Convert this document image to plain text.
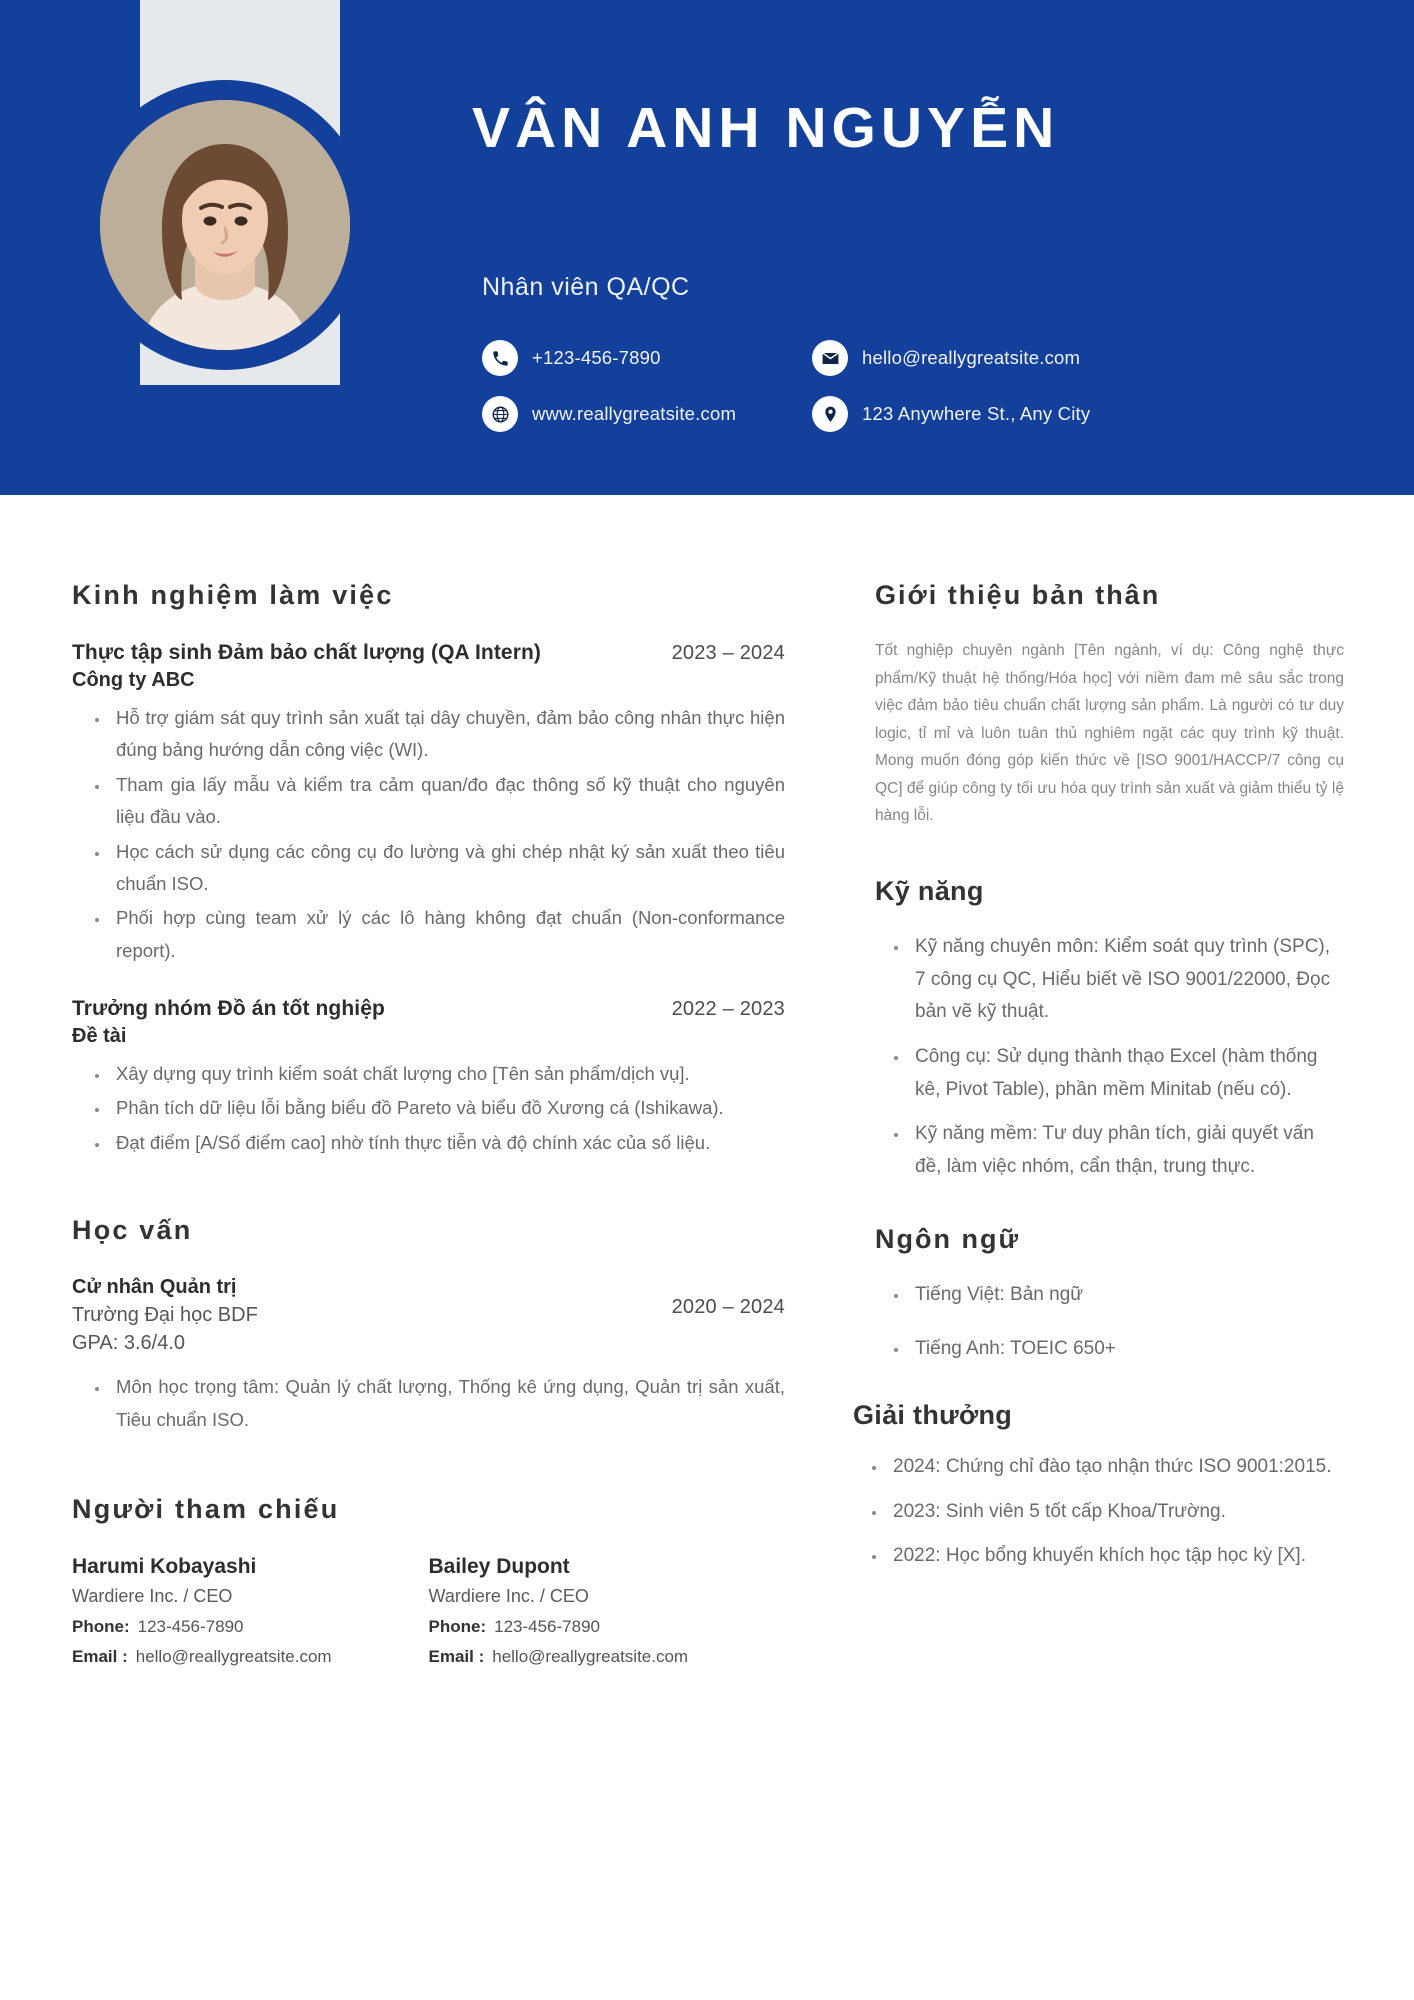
VÂN ANH NGUYỄN
Nhân viên QA/QC
+123-456-7890	hello@reallygreatsite.com
www.reallygreatsite.com	123 Anywhere St., Any City
Kinh nghiệm làm việc
Thực tập sinh Đảm bảo chất lượng (QA Intern)	2023 – 2024
Công ty ABC
• Hỗ trợ giám sát quy trình sản xuất tại dây chuyền, đảm bảo công nhân thực hiện đúng bảng hướng dẫn công việc (WI).
• Tham gia lấy mẫu và kiểm tra cảm quan/đo đạc thông số kỹ thuật cho nguyên liệu đầu vào.
• Học cách sử dụng các công cụ đo lường và ghi chép nhật ký sản xuất theo tiêu chuẩn ISO.
• Phối hợp cùng team xử lý các lô hàng không đạt chuẩn (Non-conformance report).
Trưởng nhóm Đồ án tốt nghiệp	2022 – 2023
Đề tài
• Xây dựng quy trình kiểm soát chất lượng cho [Tên sản phẩm/dịch vụ].
• Phân tích dữ liệu lỗi bằng biểu đồ Pareto và biểu đồ Xương cá (Ishikawa).
• Đạt điểm [A/Số điểm cao] nhờ tính thực tiễn và độ chính xác của số liệu.
Học vấn
Cử nhân Quản trị
Trường Đại học BDF
GPA: 3.6/4.0
2020 – 2024
• Môn học trọng tâm: Quản lý chất lượng, Thống kê ứng dụng, Quản trị sản xuất, Tiêu chuẩn ISO.
Người tham chiếu
Harumi Kobayashi
Wardiere Inc. / CEO
Phone: 123-456-7890
Email : hello@reallygreatsite.com
Bailey Dupont
Wardiere Inc. / CEO
Phone: 123-456-7890
Email : hello@reallygreatsite.com
Giới thiệu bản thân
Tốt nghiệp chuyên ngành [Tên ngành, ví dụ: Công nghệ thực phẩm/Kỹ thuật hệ thống/Hóa học] với niềm đam mê sâu sắc trong việc đảm bảo tiêu chuẩn chất lượng sản phẩm. Là người có tư duy logic, tỉ mỉ và luôn tuân thủ nghiêm ngặt các quy trình kỹ thuật. Mong muốn đóng góp kiến thức về [ISO 9001/HACCP/7 công cụ QC] để giúp công ty tối ưu hóa quy trình sản xuất và giảm thiểu tỷ lệ hàng lỗi.
Kỹ năng
• Kỹ năng chuyên môn: Kiểm soát quy trình (SPC), 7 công cụ QC, Hiểu biết về ISO 9001/22000, Đọc bản vẽ kỹ thuật.
• Công cụ: Sử dụng thành thạo Excel (hàm thống kê, Pivot Table), phần mềm Minitab (nếu có).
• Kỹ năng mềm: Tư duy phân tích, giải quyết vấn đề, làm việc nhóm, cẩn thận, trung thực.
Ngôn ngữ
• Tiếng Việt: Bản ngữ
• Tiếng Anh: TOEIC 650+
Giải thưởng
• 2024: Chứng chỉ đào tạo nhận thức ISO 9001:2015.
• 2023: Sinh viên 5 tốt cấp Khoa/Trường.
• 2022: Học bổng khuyến khích học tập học kỳ [X].
